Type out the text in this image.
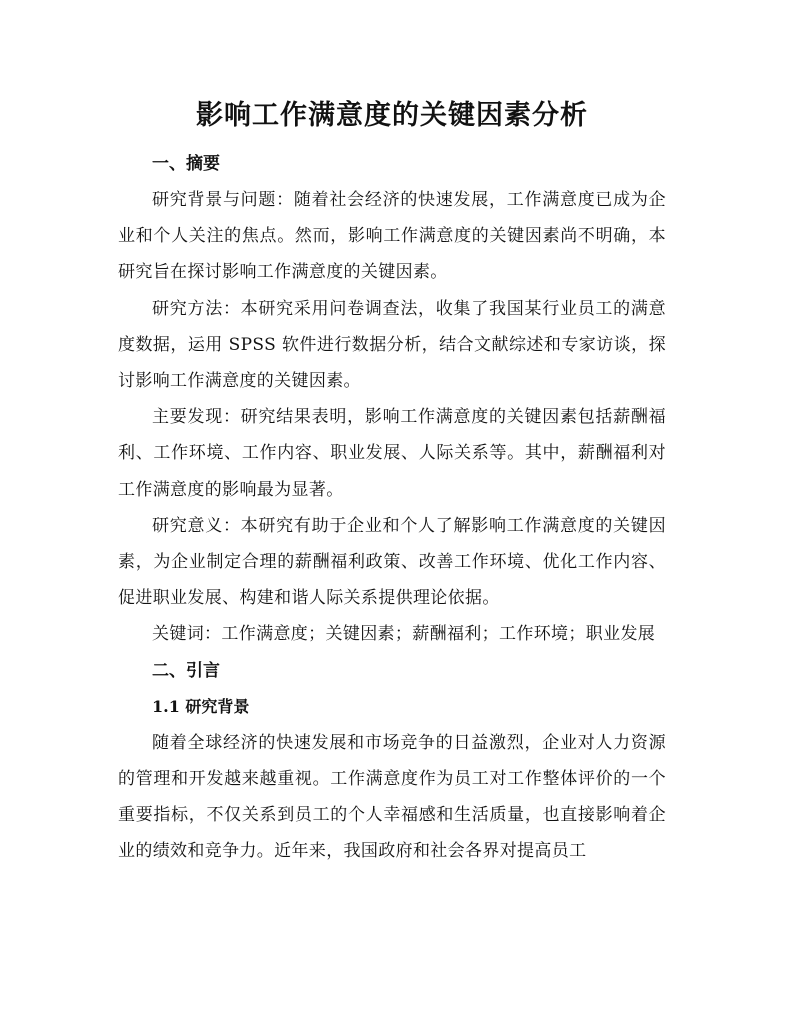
影响工作满意度的关键因素分析
一、摘要

研究背景与问题：随着社会经济的快速发展，工作满意度已成为企业和个人关注的焦点。然而，影响工作满意度的关键因素尚不明确，本研究旨在探讨影响工作满意度的关键因素。

研究方法：本研究采用问卷调查法，收集了我国某行业员工的满意度数据，运用 SPSS 软件进行数据分析，结合文献综述和专家访谈，探讨影响工作满意度的关键因素。

主要发现：研究结果表明，影响工作满意度的关键因素包括薪酬福利、工作环境、工作内容、职业发展、人际关系等。其中，薪酬福利对工作满意度的影响最为显著。

研究意义：本研究有助于企业和个人了解影响工作满意度的关键因素，为企业制定合理的薪酬福利政策、改善工作环境、优化工作内容、促进职业发展、构建和谐人际关系提供理论依据。

关键词：工作满意度；关键因素；薪酬福利；工作环境；职业发展

二、引言
1.1 研究背景

随着全球经济的快速发展和市场竞争的日益激烈，企业对人力资源的管理和开发越来越重视。工作满意度作为员工对工作整体评价的一个重要指标，不仅关系到员工的个人幸福感和生活质量，也直接影响着企业的绩效和竞争力。近年来，我国政府和社会各界对提高员工
